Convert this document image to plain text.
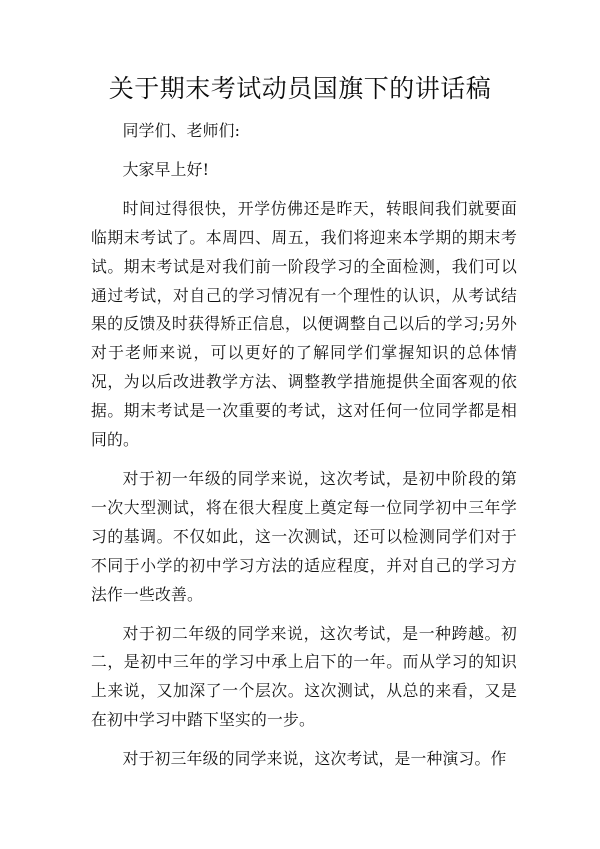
关于期末考试动员国旗下的讲话稿

同学们、老师们:

大家早上好!

时间过得很快，开学仿佛还是昨天，转眼间我们就要面临期末考试了。本周四、周五，我们将迎来本学期的期末考试。期末考试是对我们前一阶段学习的全面检测，我们可以通过考试，对自己的学习情况有一个理性的认识，从考试结果的反馈及时获得矫正信息，以便调整自己以后的学习;另外对于老师来说，可以更好的了解同学们掌握知识的总体情况，为以后改进教学方法、调整教学措施提供全面客观的依据。期末考试是一次重要的考试，这对任何一位同学都是相同的。

对于初一年级的同学来说，这次考试，是初中阶段的第一次大型测试，将在很大程度上奠定每一位同学初中三年学习的基调。不仅如此，这一次测试，还可以检测同学们对于不同于小学的初中学习方法的适应程度，并对自己的学习方法作一些改善。

对于初二年级的同学来说，这次考试，是一种跨越。初二，是初中三年的学习中承上启下的一年。而从学习的知识上来说，又加深了一个层次。这次测试，从总的来看，又是在初中学习中踏下坚实的一步。

对于初三年级的同学来说，这次考试，是一种演习。作
